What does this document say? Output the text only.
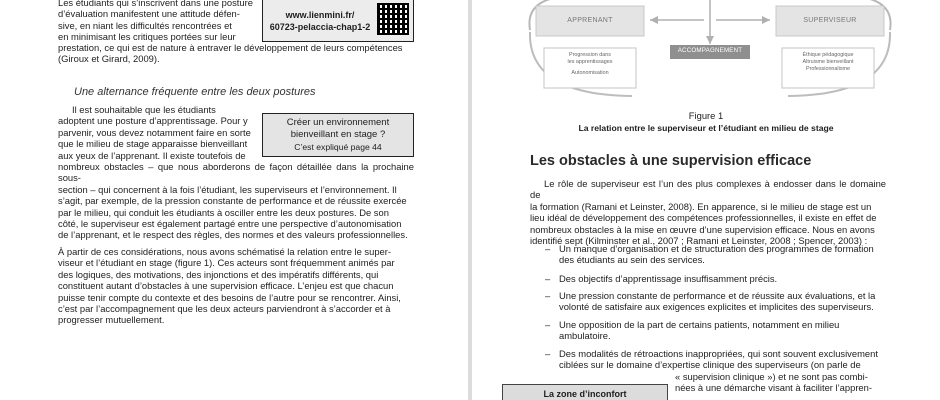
Les étudiants qui s’inscrivent dans une posture

d’évaluation manifestent une attitude défen-

sive, en niant les difficultés rencontrées et

en minimisant les critiques portées sur leur

prestation, ce qui est de nature à entraver le développement de leurs compétences

(Giroux et Girard, 2009).

www.lienmini.fr/
60723-pelaccia-chap1-2
Une alternance fréquente entre les deux postures

Il est souhaitable que les étudiants

adoptent une posture d’apprentissage. Pour y

parvenir, vous devez notamment faire en sorte

que le milieu de stage apparaisse bienveillant

aux yeux de l’apprenant. Il existe toutefois de

nombreux obstacles – que nous aborderons de façon détaillée dans la prochaine sous-

section – qui concernent à la fois l’étudiant, les superviseurs et l’environnement. Il

s’agit, par exemple, de la pression constante de performance et de réussite exercée

par le milieu, qui conduit les étudiants à osciller entre les deux postures. De son

côté, le superviseur est également partagé entre une perspective d’autonomisation

de l’apprenant, et le respect des règles, des normes et des valeurs professionnelles.

Créer un environnement
bienveillant en stage ?
C’est expliqué page 44

À partir de ces considérations, nous avons schématisé la relation entre le super-

viseur et l’étudiant en stage (figure 1). Ces acteurs sont fréquemment animés par

des logiques, des motivations, des injonctions et des impératifs différents, qui

constituent autant d’obstacles à une supervision efficace. L’enjeu est que chacun

puisse tenir compte du contexte et des besoins de l’autre pour se rencontrer. Ainsi,

c’est par l’accompagnement que les deux acteurs parviendront à s’accorder et à

progresser mutuellement.

APPRENANT	SUPERVISEUR
ACCOMPAGNEMENT
Progression dans
les apprentissages
Autonomisation
Éthique pédagogique
Altruisme bienveillant
Professionnalisme
Figure 1
La relation entre le superviseur et l’étudiant en milieu de stage
Les obstacles à une supervision efficace

Le rôle de superviseur est l’un des plus complexes à endosser dans le domaine de

la formation (Ramani et Leinster, 2008). En apparence, si le milieu de stage est un

lieu idéal de développement des compétences professionnelles, il existe en effet de

nombreux obstacles à la mise en œuvre d’une supervision efficace. Nous en avons

identifié sept (Kilminster et al., 2007 ; Ramani et Leinster, 2008 ; Spencer, 2003) :

– Un manque d’organisation et de structuration des programmes de formation

des étudiants au sein des services.

– Des objectifs d’apprentissage insuffisamment précis.

– Une pression constante de performance et de réussite aux évaluations, et la

volonté de satisfaire aux exigences explicites et implicites des superviseurs.

– Une opposition de la part de certains patients, notamment en milieu

ambulatoire.

– Des modalités de rétroactions inappropriées, qui sont souvent exclusivement

ciblées sur le domaine d’expertise clinique des superviseurs (on parle de

« supervision clinique ») et ne sont pas combi-

nées à une démarche visant à faciliter l’appren-

La zone d’inconfort
